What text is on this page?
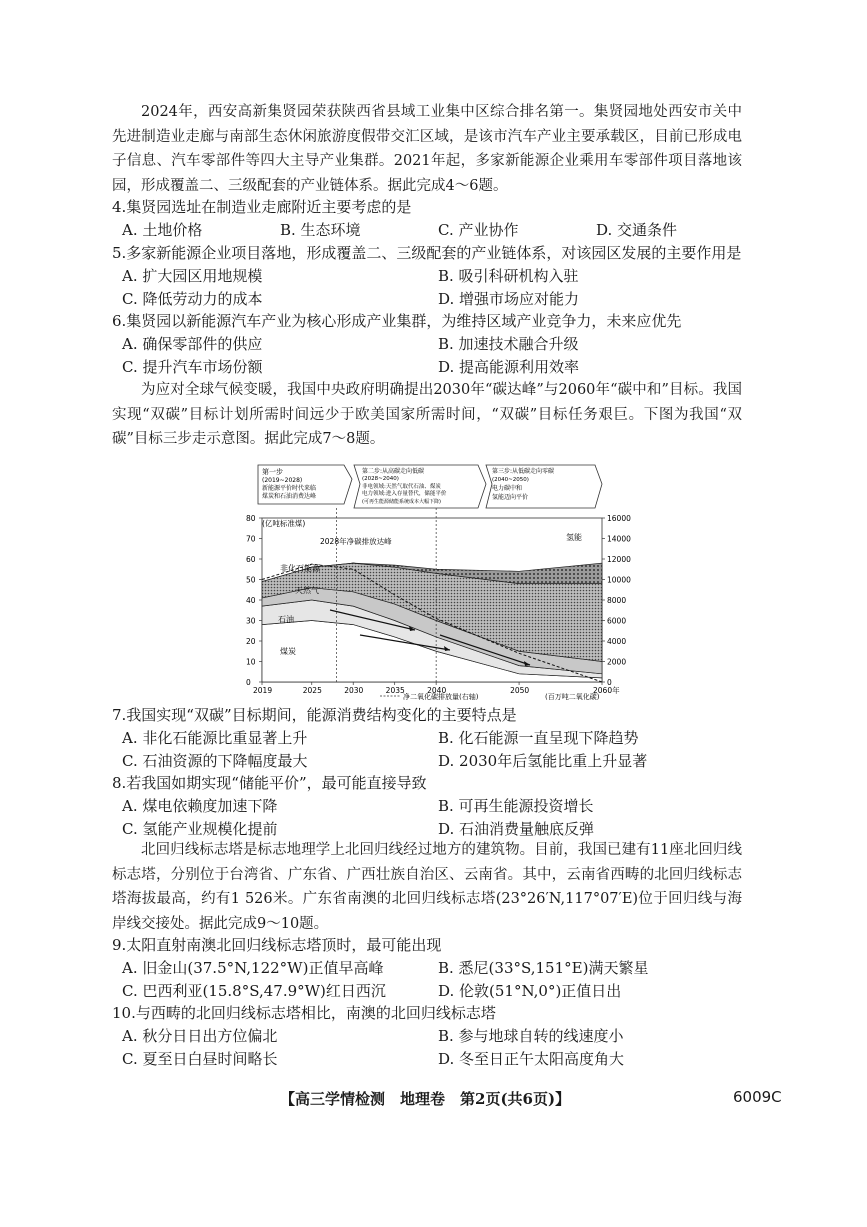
2024年，西安高新集贤园荣获陕西省县域工业集中区综合排名第一。集贤园地处西安市关中先进制造业走廊与南部生态休闲旅游度假带交汇区域，是该市汽车产业主要承载区，目前已形成电子信息、汽车零部件等四大主导产业集群。2021年起，多家新能源企业乘用车零部件项目落地该园，形成覆盖二、三级配套的产业链体系。据此完成4～6题。

4.集贤园选址在制造业走廊附近主要考虑的是

A. 土地价格	B. 生态环境	C. 产业协作	D. 交通条件

5.多家新能源企业项目落地，形成覆盖二、三级配套的产业链体系，对该园区发展的主要作用是

A. 扩大园区用地规模	B. 吸引科研机构入驻
C. 降低劳动力的成本	D. 增强市场应对能力

6.集贤园以新能源汽车产业为核心形成产业集群，为维持区域产业竞争力，未来应优先

A. 确保零部件的供应	B. 加速技术融合升级
C. 提升汽车市场份额	D. 提高能源利用效率

为应对全球气候变暖，我国中央政府明确提出2030年“碳达峰”与2060年“碳中和”目标。我国实现“双碳”目标计划所需时间远少于欧美国家所需时间，“双碳”目标任务艰巨。下图为我国“双碳”目标三步走示意图。据此完成7～8题。

第一步
(2019~2028)
新能源平价时代来临
煤炭和石油消费达峰
第二步:从高碳走向低碳
(2028~2040)
非电领域:天然气取代石油、煤炭
电力领域:进入存量替代，储能平价
(可再生能源储能系统成本大幅下降)
第三步:从低碳走向零碳
(2040~2050)
电力碳中和
氢能迈向平价
2019	2025	2030	2035	2040	2050	2060年
0
10
20
30
40
50
60
70
80
0
2000
4000
6000
8000
10000
12000
14000
16000
天然气
非化石能源
石油
煤炭
氢能
(亿吨标准煤)
2028年净碳排放达峰
(百万吨二氧化碳)
净二氧化碳排放量(右轴)

7.我国实现“双碳”目标期间，能源消费结构变化的主要特点是

A. 非化石能源比重显著上升	B. 化石能源一直呈现下降趋势
C. 石油资源的下降幅度最大	D. 2030年后氢能比重上升显著

8.若我国如期实现“储能平价”，最可能直接导致

A. 煤电依赖度加速下降	B. 可再生能源投资增长
C. 氢能产业规模化提前	D. 石油消费量触底反弹

北回归线标志塔是标志地理学上北回归线经过地方的建筑物。目前，我国已建有11座北回归线标志塔，分别位于台湾省、广东省、广西壮族自治区、云南省。其中，云南省西畴的北回归线标志塔海拔最高，约有1 526米。广东省南澳的北回归线标志塔(23°26′N,117°07′E)位于回归线与海岸线交接处。据此完成9～10题。

9.太阳直射南澳北回归线标志塔顶时，最可能出现

A. 旧金山(37.5°N,122°W)正值早高峰	B. 悉尼(33°S,151°E)满天繁星
C. 巴西利亚(15.8°S,47.9°W)红日西沉	D. 伦敦(51°N,0°)正值日出

10.与西畴的北回归线标志塔相比，南澳的北回归线标志塔

A. 秋分日日出方位偏北	B. 参与地球自转的线速度小
C. 夏至日白昼时间略长	D. 冬至日正午太阳高度角大
【高三学情检测　地理卷　第2页(共6页)】	6009C
